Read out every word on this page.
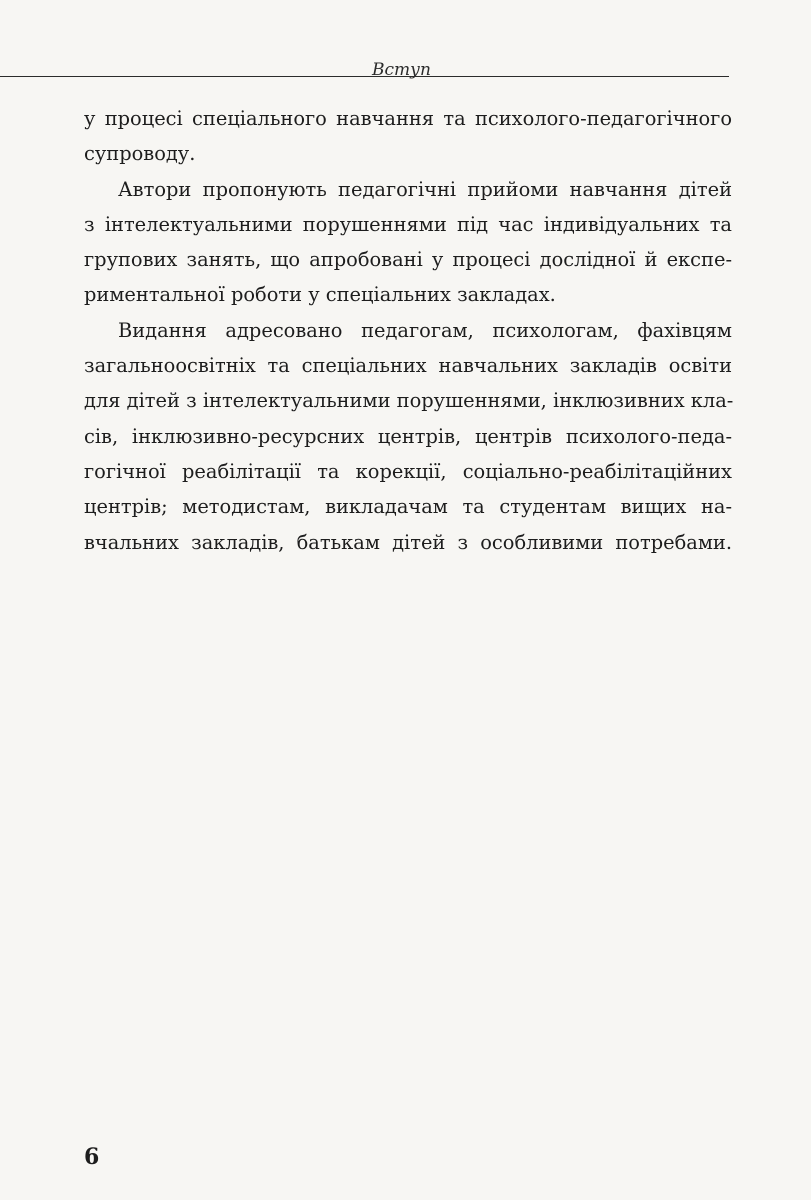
Вступ
у процесі спеціального навчання та психолого-педагогічного
супроводу.
Автори пропонують педагогічні прийоми навчання дітей
з інтелектуальними порушеннями під час індивідуальних та
групових занять, що апробовані у процесі дослідної й експе-
риментальної роботи у спеціальних закладах.
Видання адресовано педагогам, психологам, фахівцям
загальноосвітніх та спеціальних навчальних закладів освіти
для дітей з інтелектуальними порушеннями, інклюзивних кла-
сів, інклюзивно-ресурсних центрів, центрів психолого-педа-
гогічної реабілітації та корекції, соціально-реабілітаційних
центрів; методистам, викладачам та студентам вищих на-
вчальних закладів, батькам дітей з особливими потребами.
6
